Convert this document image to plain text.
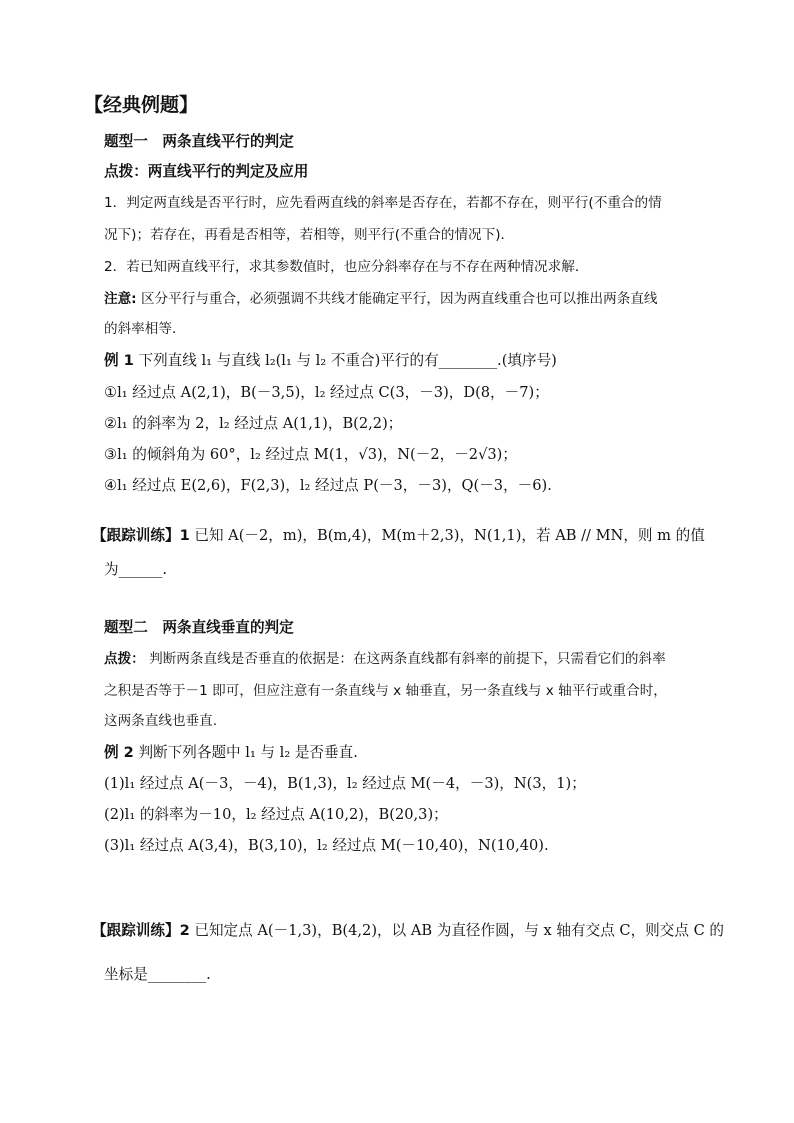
【经典例题】
题型一　两条直线平行的判定
点拨：两直线平行的判定及应用
1．判定两直线是否平行时，应先看两直线的斜率是否存在，若都不存在，则平行(不重合的情
况下)；若存在，再看是否相等，若相等，则平行(不重合的情况下)．
2．若已知两直线平行，求其参数值时，也应分斜率存在与不存在两种情况求解．
注意: 区分平行与重合，必须强调不共线才能确定平行，因为两直线重合也可以推出两条直线
的斜率相等．
例 1 下列直线 l₁ 与直线 l₂(l₁ 与 l₂ 不重合)平行的有________.(填序号)
①l₁ 经过点 A(2,1)，B(－3,5)，l₂ 经过点 C(3，－3)，D(8，－7)；
②l₁ 的斜率为 2，l₂ 经过点 A(1,1)，B(2,2)；
③l₁ 的倾斜角为 60°，l₂ 经过点 M(1，√3)，N(－2，－2√3)；
④l₁ 经过点 E(2,6)，F(2,3)，l₂ 经过点 P(－3，－3)，Q(－3，－6).
【跟踪训练】1 已知 A(－2，m)，B(m,4)，M(m＋2,3)，N(1,1)，若 AB // MN，则 m 的值
为______.
题型二　两条直线垂直的判定
点拨： 判断两条直线是否垂直的依据是：在这两条直线都有斜率的前提下，只需看它们的斜率
之积是否等于－1 即可，但应注意有一条直线与 x 轴垂直，另一条直线与 x 轴平行或重合时，
这两条直线也垂直.
例 2 判断下列各题中 l₁ 与 l₂ 是否垂直.
(1)l₁ 经过点 A(－3，－4)，B(1,3)，l₂ 经过点 M(－4，－3)，N(3，1)；
(2)l₁ 的斜率为－10，l₂ 经过点 A(10,2)，B(20,3)；
(3)l₁ 经过点 A(3,4)，B(3,10)，l₂ 经过点 M(－10,40)，N(10,40).
【跟踪训练】2 已知定点 A(－1,3)，B(4,2)，以 AB 为直径作圆，与 x 轴有交点 C，则交点 C 的
坐标是________.
